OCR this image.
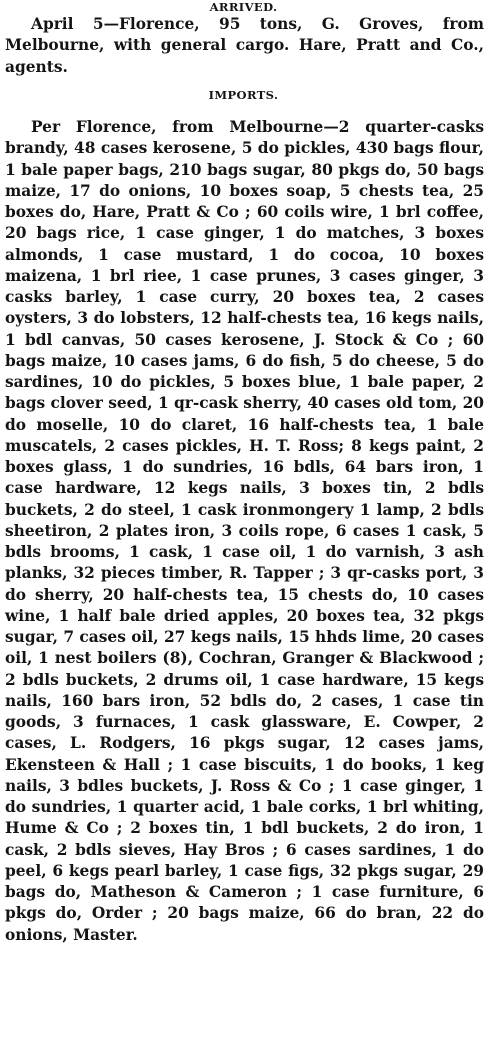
ARRIVED.

April 5—Florence, 95 tons, G. Groves, from Melbourne, with general cargo. Hare, Pratt and Co., agents.

IMPORTS.

Per Florence, from Melbourne—2 quarter-casks brandy, 48 cases kerosene, 5 do pickles, 430 bags flour, 1 bale paper bags, 210 bags sugar, 80 pkgs do, 50 bags maize, 17 do onions, 10 boxes soap, 5 chests tea, 25 boxes do, Hare, Pratt & Co ; 60 coils wire, 1 brl coffee, 20 bags rice, 1 case ginger, 1 do matches, 3 boxes almonds, 1 case mustard, 1 do cocoa, 10 boxes maizena, 1 brl riee, 1 case prunes, 3 cases ginger, 3 casks barley, 1 case curry, 20 boxes tea, 2 cases oysters, 3 do lobsters, 12 half-chests tea, 16 kegs nails, 1 bdl canvas, 50 cases kerosene, J. Stock & Co ; 60 bags maize, 10 cases jams, 6 do fish, 5 do cheese, 5 do sardines, 10 do pickles, 5 boxes blue, 1 bale paper, 2 bags clover seed, 1 qr-cask sherry, 40 cases old tom, 20 do moselle, 10 do claret, 16 half-chests tea, 1 bale muscatels, 2 cases pickles, H. T. Ross; 8 kegs paint, 2 boxes glass, 1 do sundries, 16 bdls, 64 bars iron, 1 case hardware, 12 kegs nails, 3 boxes tin, 2 bdls buckets, 2 do steel, 1 cask ironmongery 1 lamp, 2 bdls sheetiron, 2 plates iron, 3 coils rope, 6 cases 1 cask, 5 bdls brooms, 1 cask, 1 case oil, 1 do varnish, 3 ash planks, 32 pieces timber, R. Tapper ; 3 qr-casks port, 3 do sherry, 20 half-chests tea, 15 chests do, 10 cases wine, 1 half bale dried apples, 20 boxes tea, 32 pkgs sugar, 7 cases oil, 27 kegs nails, 15 hhds lime, 20 cases oil, 1 nest boilers (8), Cochran, Granger & Blackwood ; 2 bdls buckets, 2 drums oil, 1 case hardware, 15 kegs nails, 160 bars iron, 52 bdls do, 2 cases, 1 case tin goods, 3 furnaces, 1 cask glassware, E. Cowper, 2 cases, L. Rodgers, 16 pkgs sugar, 12 cases jams, Ekensteen & Hall ; 1 case biscuits, 1 do books, 1 keg nails, 3 bdles buckets, J. Ross & Co ; 1 case ginger, 1 do sundries, 1 quarter acid, 1 bale corks, 1 brl whiting, Hume & Co ; 2 boxes tin, 1 bdl buckets, 2 do iron, 1 cask, 2 bdls sieves, Hay Bros ; 6 cases sardines, 1 do peel, 6 kegs pearl barley, 1 case figs, 32 pkgs sugar, 29 bags do, Matheson & Cameron ; 1 case furniture, 6 pkgs do, Order ; 20 bags maize, 66 do bran, 22 do onions, Master.
